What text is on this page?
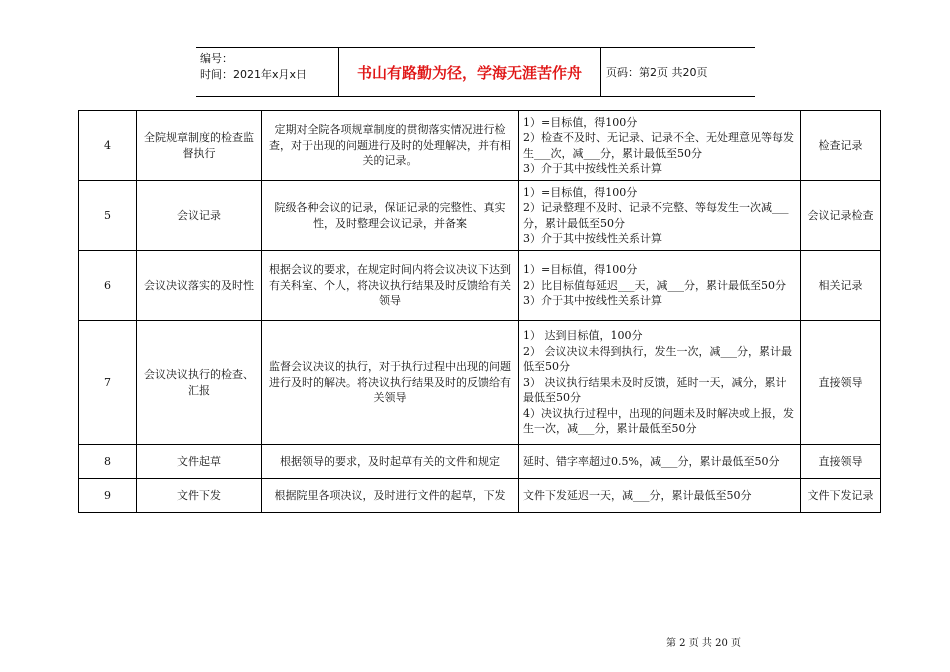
编号：
时间：2021年x月x日	书山有路勤为径，学海无涯苦作舟	页码：第2页 共20页
4	全院规章制度的检查监督执行	定期对全院各项规章制度的贯彻落实情况进行检查，对于出现的问题进行及时的处理解决，并有相关的记录。	1）=目标值，得100分
2）检查不及时、无记录、记录不全、无处理意见等每发生___次，减___分，累计最低至50分
3）介于其中按线性关系计算	检查记录
5	会议记录	院级各种会议的记录，保证记录的完整性、真实性，及时整理会议记录，并备案	1）=目标值，得100分
2）记录整理不及时、记录不完整、等每发生一次减___分，累计最低至50分
3）介于其中按线性关系计算	会议记录检查
6	会议决议落实的及时性	根据会议的要求，在规定时间内将会议决议下达到有关科室、个人，将决议执行结果及时反馈给有关领导	1）=目标值，得100分
2）比目标值每延迟___天，减___分，累计最低至50分
3）介于其中按线性关系计算	相关记录
7	会议决议执行的检查、汇报	监督会议决议的执行，对于执行过程中出现的问题进行及时的解决。将决议执行结果及时的反馈给有关领导	1） 达到目标值，100分
2） 会议决议未得到执行，发生一次，减___分，累计最低至50分
3） 决议执行结果未及时反馈，延时一天，减分，累计最低至50分
4）决议执行过程中，出现的问题未及时解决或上报，发生一次，减___分，累计最低至50分	直接领导
8	文件起草	根据领导的要求，及时起草有关的文件和规定	延时、错字率超过0.5%，减___分，累计最低至50分	直接领导
9	文件下发	根据院里各项决议，及时进行文件的起草，下发	文件下发延迟一天，减___分，累计最低至50分	文件下发记录
第 2 页 共 20 页
